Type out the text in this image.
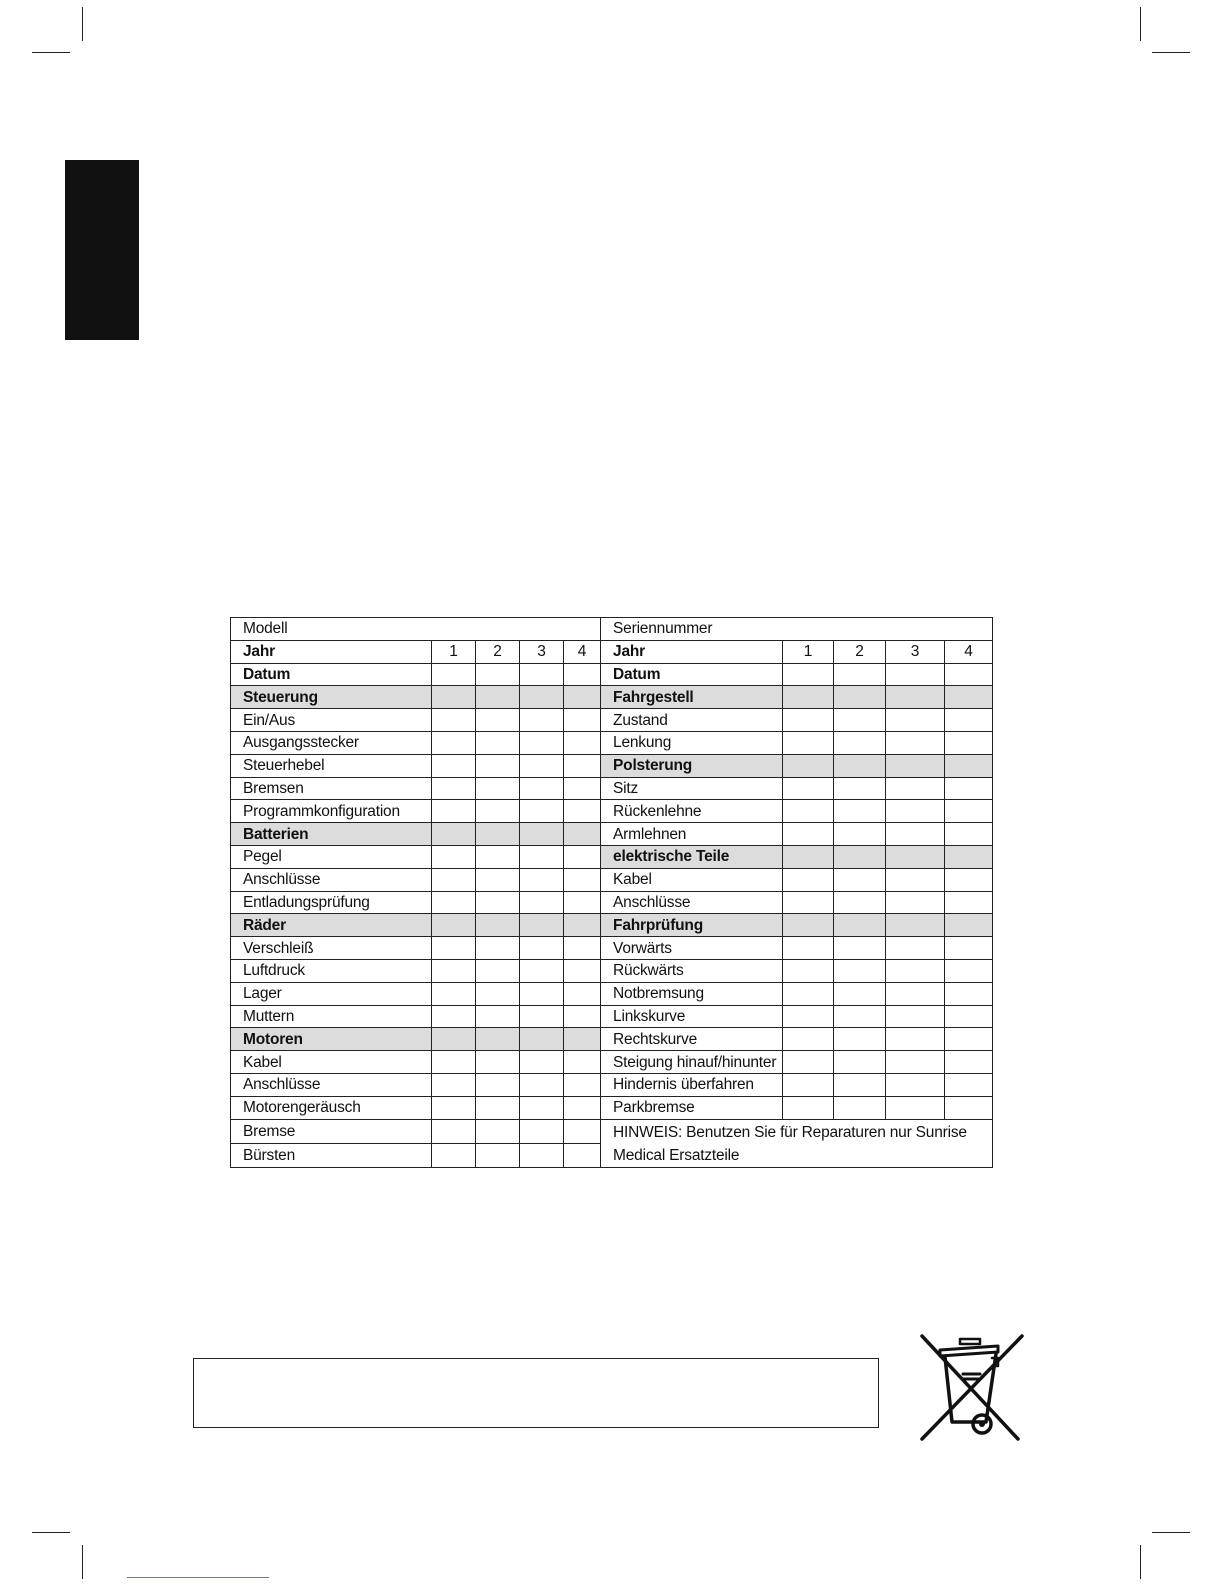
Modell					Seriennummer				
Jahr	1	2	3	4	Jahr	1	2	3	4
Datum					Datum				
Steuerung					Fahrgestell				
Ein/Aus					Zustand				
Ausgangsstecker					Lenkung				
Steuerhebel					Polsterung				
Bremsen					Sitz				
Programmkonfiguration					Rückenlehne				
Batterien					Armlehnen				
Pegel					elektrische Teile				
Anschlüsse					Kabel				
Entladungsprüfung					Anschlüsse				
Räder					Fahrprüfung				
Verschleiß					Vorwärts				
Luftdruck					Rückwärts				
Lager					Notbremsung				
Muttern					Linkskurve				
Motoren					Rechtskurve				
Kabel					Steigung hinauf/hinunter				
Anschlüsse					Hindernis überfahren				
Motorengeräusch					Parkbremse				
Bremse					HINWEIS: Benutzen Sie für Reparaturen nur Sunrise Medical Ersatzteile				
Bürsten									
